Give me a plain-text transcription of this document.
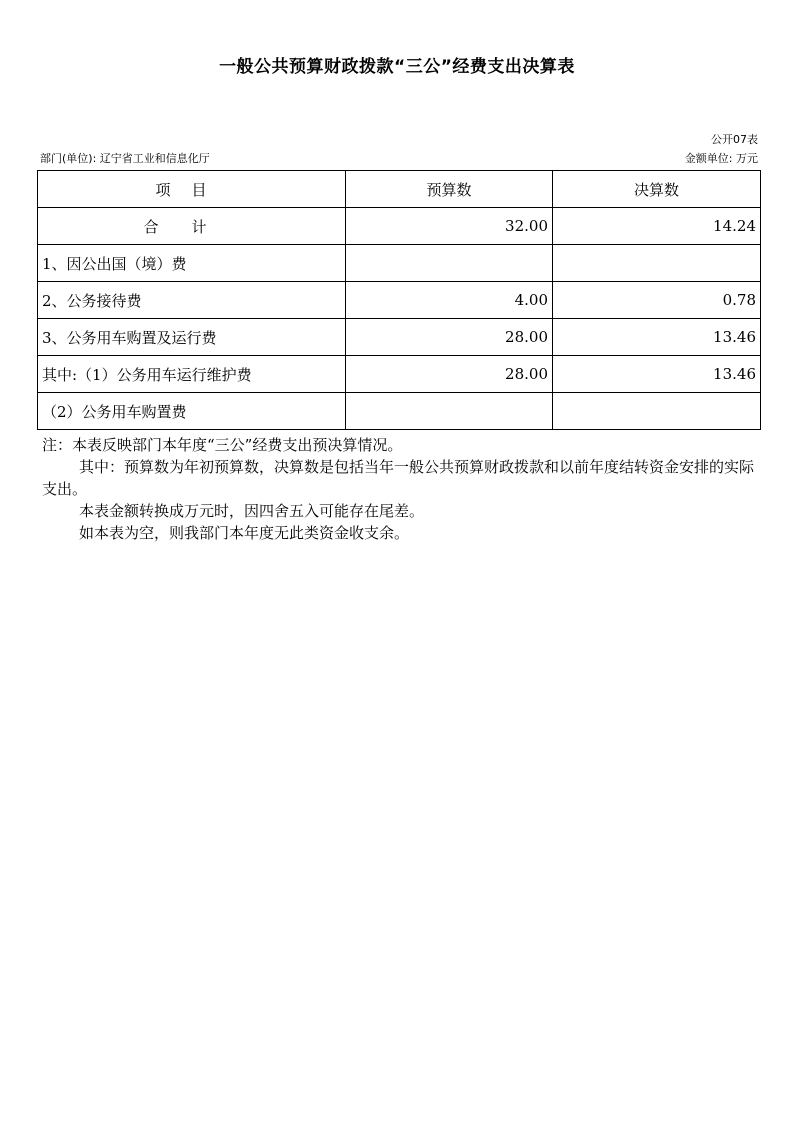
一般公共预算财政拨款“三公”经费支出决算表
公开07表
部门(单位): 辽宁省工业和信息化厅	金额单位: 万元
项目	预算数	决算数
合计	32.00	14.24
1、因公出国（境）费		
2、公务接待费	4.00	0.78
3、公务用车购置及运行费	28.00	13.46
其中:（1）公务用车运行维护费	28.00	13.46
（2）公务用车购置费		

注：本表反映部门本年度“三公”经费支出预决算情况。

其中：预算数为年初预算数，决算数是包括当年一般公共预算财政拨款和以前年度结转资金安排的实际支出。

本表金额转换成万元时，因四舍五入可能存在尾差。

如本表为空，则我部门本年度无此类资金收支余。
